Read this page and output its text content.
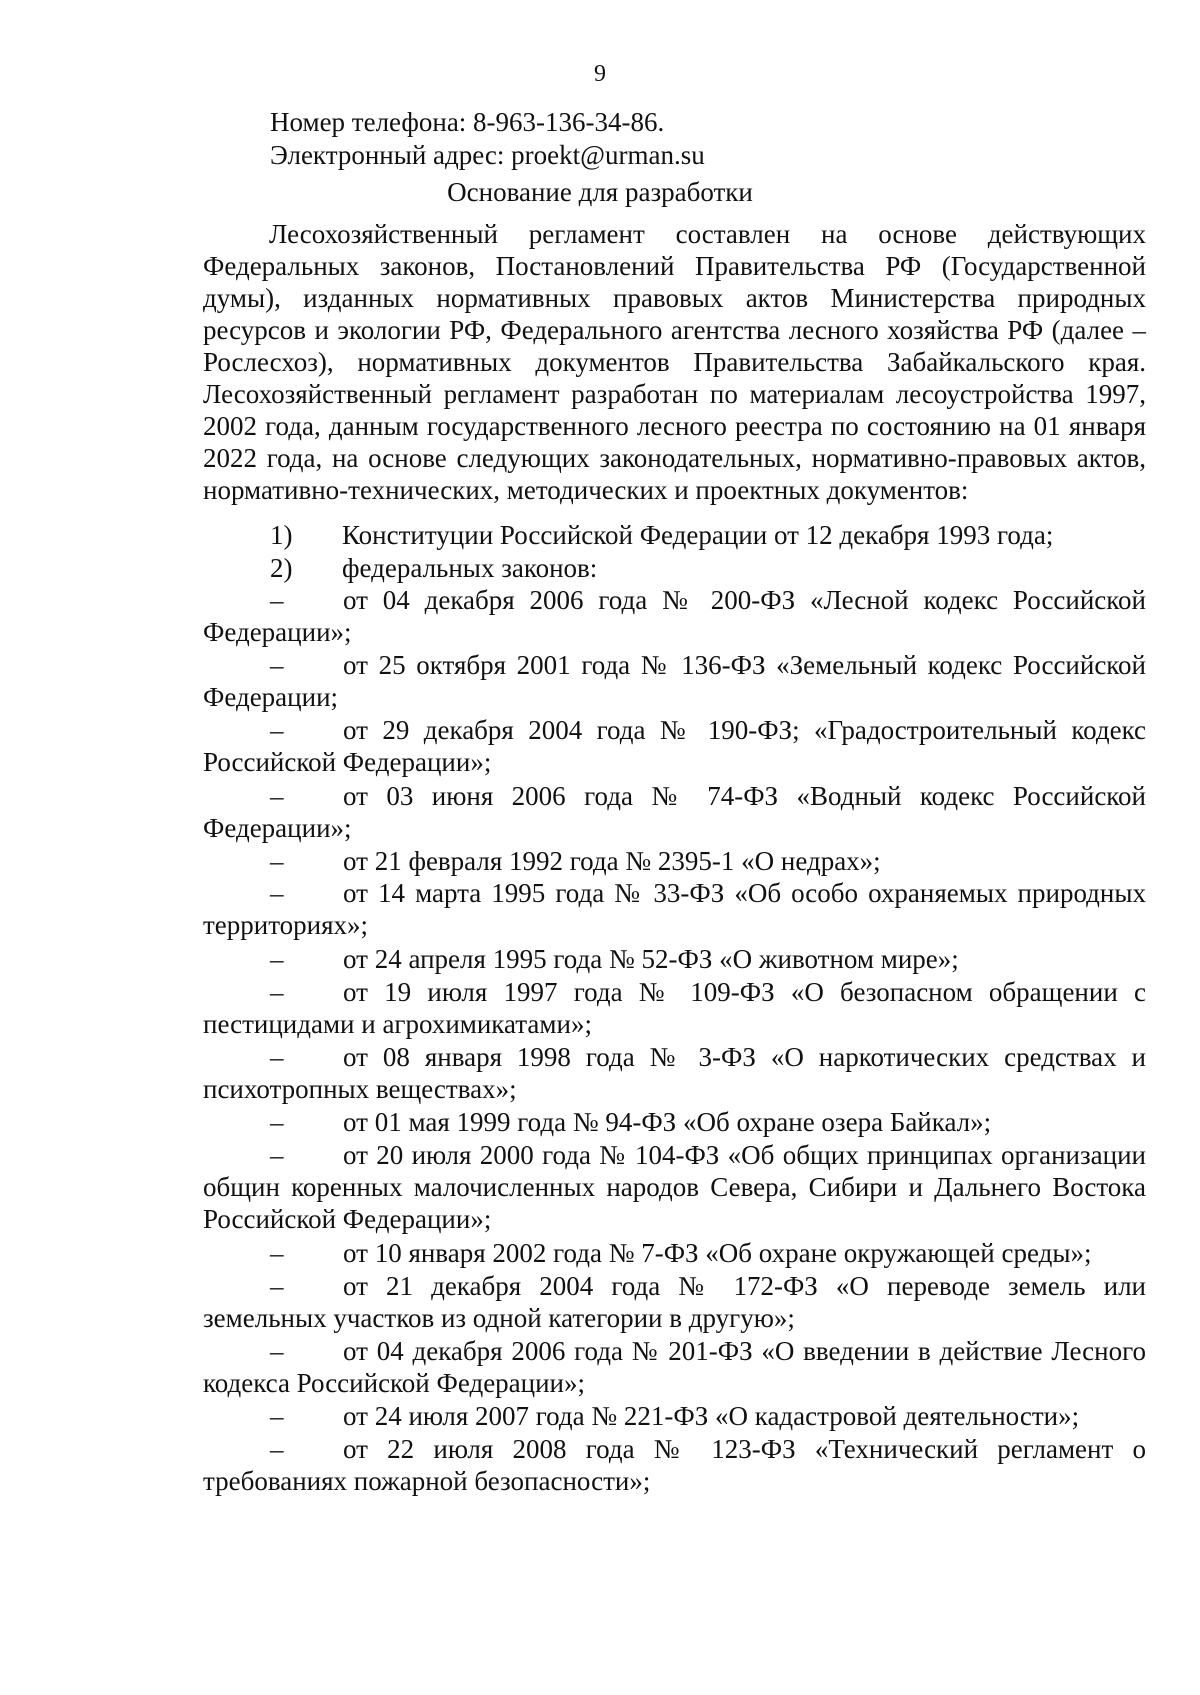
9
Номер телефона: 8-963-136-34-86.
Электронный адрес: proekt@urman.su
Основание для разработки
Лесохозяйственный регламент составлен на основе действующих Федеральных законов, Постановлений Правительства РФ (Государственной думы), изданных нормативных правовых актов Министерства природных ресурсов и экологии РФ, Федерального агентства лесного хозяйства РФ (далее – Рослесхоз), нормативных документов Правительства Забайкальского края. Лесохозяйственный регламент разработан по материалам лесоустройства 1997, 2002 года, данным государственного лесного реестра по состоянию на 01 января 2022 года, на основе следующих законодательных, нормативно-правовых актов, нормативно-технических, методических и проектных документов:
1) Конституции Российской Федерации от 12 декабря 1993 года;
2) федеральных законов:
–	от 04 декабря 2006 года № 200-ФЗ «Лесной кодекс Российской Федерации»;
–	от 25 октября 2001 года № 136-ФЗ «Земельный кодекс Российской Федерации;
–	от 29 декабря 2004 года № 190-ФЗ; «Градостроительный кодекс Российской Федерации»;
–	от 03 июня 2006 года № 74-ФЗ «Водный кодекс Российской Федерации»;
–	от 21 февраля 1992 года № 2395-1 «О недрах»;
–	от 14 марта 1995 года № 33-ФЗ «Об особо охраняемых природных территориях»;
–	от 24 апреля 1995 года № 52-ФЗ «О животном мире»;
–	от 19 июля 1997 года № 109-ФЗ «О безопасном обращении с пестицидами и агрохимикатами»;
–	от 08 января 1998 года № 3-ФЗ «О наркотических средствах и психотропных веществах»;
–	от 01 мая 1999 года № 94-ФЗ «Об охране озера Байкал»;
–	от 20 июля 2000 года № 104-ФЗ «Об общих принципах организации общин коренных малочисленных народов Севера, Сибири и Дальнего Востока Российской Федерации»;
–	от 10 января 2002 года № 7-ФЗ «Об охране окружающей среды»;
–	от 21 декабря 2004 года № 172-ФЗ «О переводе земель или земельных участков из одной категории в другую»;
–	от 04 декабря 2006 года № 201-ФЗ «О введении в действие Лесного кодекса Российской Федерации»;
–	от 24 июля 2007 года № 221-ФЗ «О кадастровой деятельности»;
–	от 22 июля 2008 года № 123-ФЗ «Технический регламент о требованиях пожарной безопасности»;
